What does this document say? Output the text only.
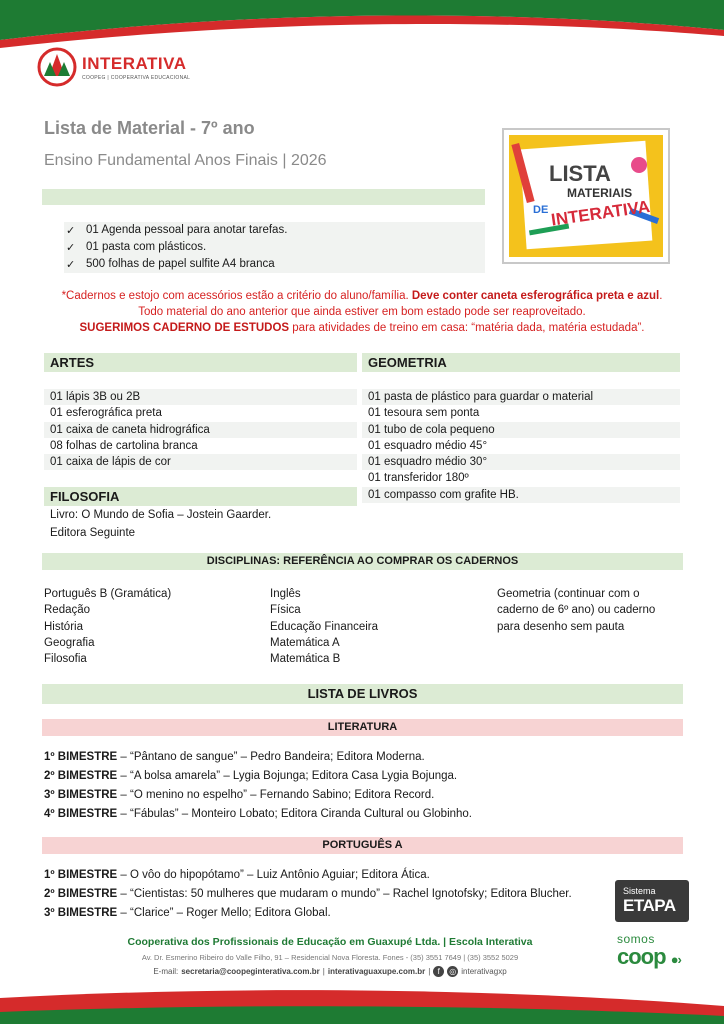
INTERATIVA
COOPEG | COOPERATIVA EDUCACIONAL
Lista de Material - 7º ano
Ensino Fundamental Anos Finais | 2026
LISTA
MATERIAIS
DE INTERATIVA
✓ 01 Agenda pessoal para anotar tarefas.
✓ 01 pasta com plásticos.
✓ 500 folhas de papel sulfite A4 branca
*Cadernos e estojo com acessórios estão a critério do aluno/família. Deve conter caneta esferográfica preta e azul.
Todo material do ano anterior que ainda estiver em bom estado pode ser reaproveitado.
SUGERIMOS CADERNO DE ESTUDOS para atividades de treino em casa: “matéria dada, matéria estudada”.
ARTES
01 lápis 3B ou 2B
01 esferográfica preta
01 caixa de caneta hidrográfica
08 folhas de cartolina branca
01 caixa de lápis de cor
GEOMETRIA
01 pasta de plástico para guardar o material
01 tesoura sem ponta
01 tubo de cola pequeno
01 esquadro médio 45°
01 esquadro médio 30°
01 transferidor 180º
01 compasso com grafite HB.
FILOSOFIA
Livro: O Mundo de Sofia – Jostein Gaarder.
Editora Seguinte
DISCIPLINAS: REFERÊNCIA AO COMPRAR OS CADERNOS
Português B (Gramática)
Redação
História
Geografia
Filosofia
Inglês
Física
Educação Financeira
Matemática A
Matemática B
Geometria (continuar com o
caderno de 6º ano) ou caderno
para desenho sem pauta
LISTA DE LIVROS
LITERATURA
1º BIMESTRE – “Pântano de sangue” – Pedro Bandeira; Editora Moderna.
2º BIMESTRE – “A bolsa amarela” – Lygia Bojunga; Editora Casa Lygia Bojunga.
3º BIMESTRE – “O menino no espelho” – Fernando Sabino; Editora Record.
4º BIMESTRE – “Fábulas” – Monteiro Lobato; Editora Ciranda Cultural ou Globinho.
PORTUGUÊS A
1º BIMESTRE – O vôo do hipopótamo” – Luiz Antônio Aguiar; Editora Ática.
2º BIMESTRE – “Cientistas: 50 mulheres que mudaram o mundo” – Rachel Ignotofsky; Editora Blucher.
3º BIMESTRE – “Clarice” – Roger Mello; Editora Global.
Sistema
ETAPA
somos
coop ●›
Cooperativa dos Profissionais de Educação em Guaxupé Ltda. | Escola Interativa
Av. Dr. Esmerino Ribeiro do Valle Filho, 91 – Residencial Nova Floresta. Fones - (35) 3551 7649 | (35) 3552 5029
E-mail: secretaria@coopeginterativa.com.br | interativaguaxupe.com.br | f	◎ interativagxp
